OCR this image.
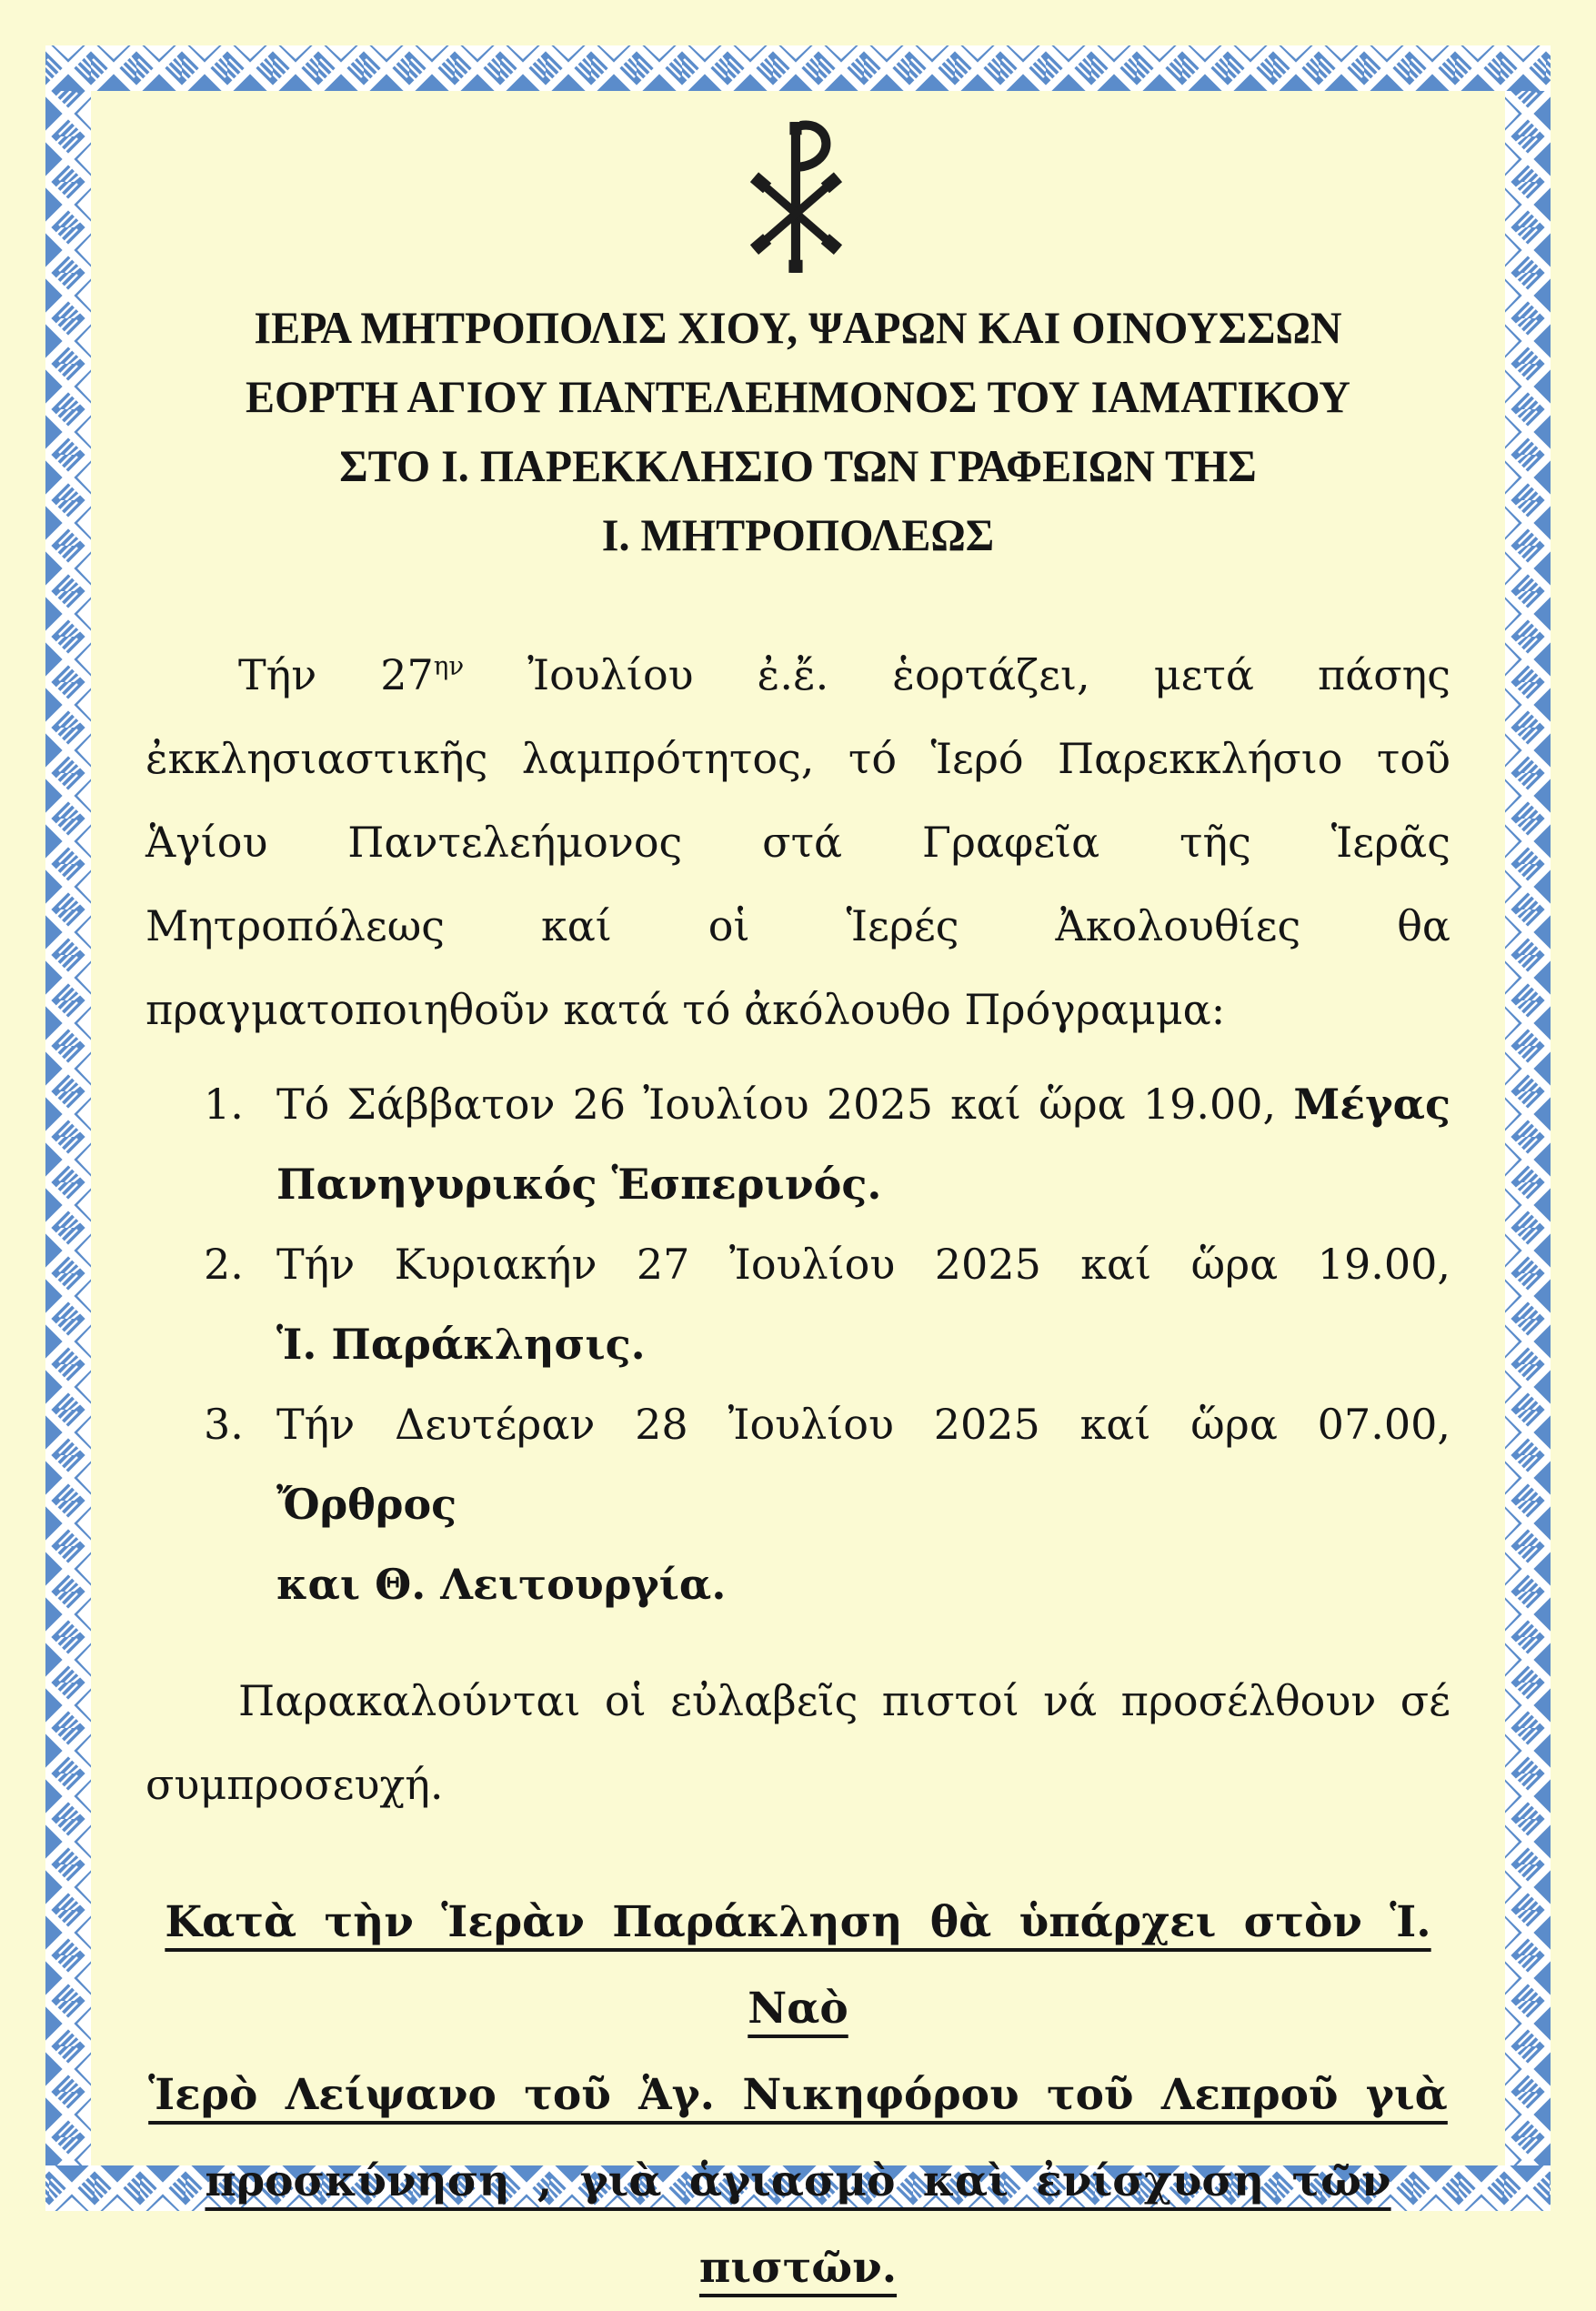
ΙΕΡΑ ΜΗΤΡΟΠΟΛΙΣ ΧΙΟΥ, ΨΑΡΩΝ ΚΑΙ ΟΙΝΟΥΣΣΩΝ
ΕΟΡΤΗ ΑΓΙΟΥ ΠΑΝΤΕΛΕΗΜΟΝΟΣ ΤΟΥ ΙΑΜΑΤΙΚΟΥ
ΣΤΟ Ι. ΠΑΡΕΚΚΛΗΣΙΟ ΤΩΝ ΓΡΑΦΕΙΩΝ ΤΗΣ
Ι. ΜΗΤΡΟΠΟΛΕΩΣ
Τήν $27^{\eta\nu}$ Ἰουλίου ἐ.ἔ. ἑορτάζει, μετά πάσης
ἐκκλησιαστικῆς λαμπρότητος, τό Ἱερό Παρεκκλήσιο τοῦ
Ἁγίου Παντελεήμονος στά Γραφεῖα τῆς Ἱερᾶς
Μητροπόλεως καί οἱ Ἱερές Ἀκολουθίες θα
πραγματοποιηθοῦν κατά τό ἀκόλουθο Πρόγραμμα:
1. Τό Σάββατον 26 Ἰουλίου 2025 καί ὥρα 19.00, Μέγας
Πανηγυρικός Ἑσπερινός.
2. Τήν Κυριακήν 27 Ἰουλίου 2025 καί ὥρα 19.00,
Ἱ. Παράκλησις.
3. Τήν Δευτέραν 28 Ἰουλίου 2025 καί ὥρα 07.00, Ὄρθρος
και Θ. Λειτουργία.
Παρακαλούνται οἱ εὐλαβεῖς πιστοί νά προσέλθουν σέ
συμπροσευχή.
Κατὰ τὴν Ἱερὰν Παράκληση θὰ ὑπάρχει στὸν Ἱ. Ναὸ
Ἱερὸ Λείψανο τοῦ Ἁγ. Νικηφόρου τοῦ Λεπροῦ γιὰ
προσκύνηση , γιὰ ἁγιασμὸ καὶ ἐνίσχυση τῶν πιστῶν.
